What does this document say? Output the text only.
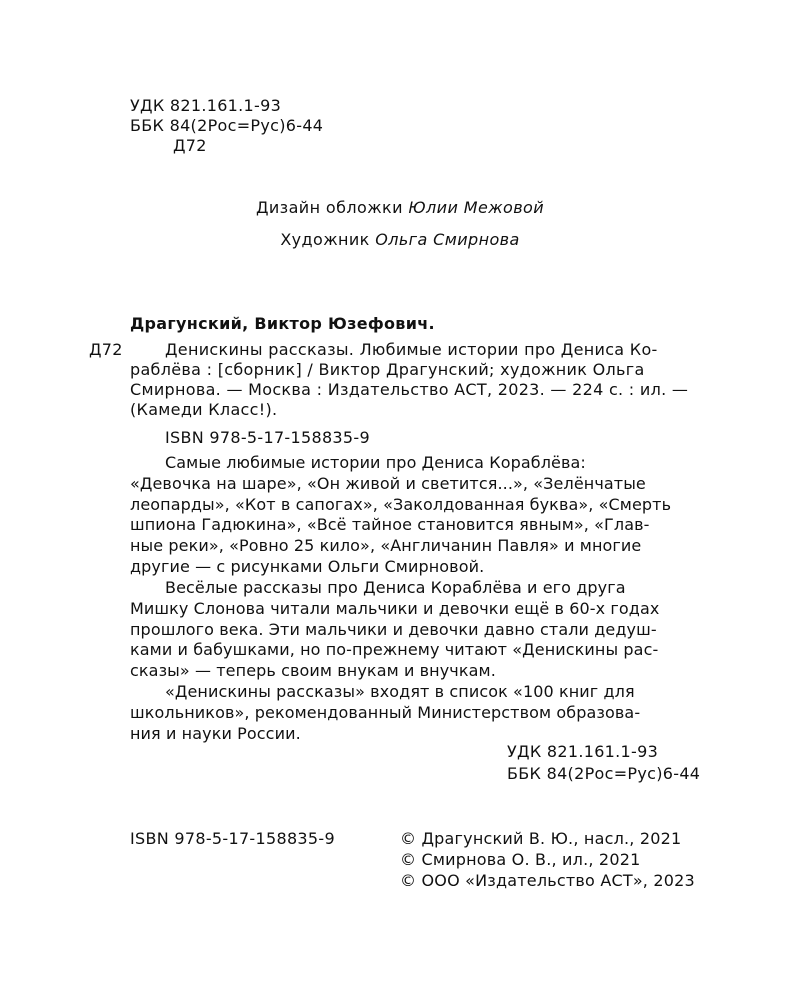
УДК 821.161.1-93
ББК 84(2Рос=Рус)6-44
Д72
Дизайн обложки Юлии Межовой
Художник Ольга Смирнова
Драгунский, Виктор Юзефович.
Д72	Денискины рассказы. Любимые истории про Дениса Ко-
раблёва : [сборник] / Виктор Драгунский; художник Ольга
Смирнова. — Москва : Издательство АСТ, 2023. — 224 с. : ил. —
(Камеди Класс!).
ISBN 978-5-17-158835-9
Самые любимые истории про Дениса Кораблёва:
«Девочка на шаре», «Он живой и светится...», «Зелёнчатые
леопарды», «Кот в сапогах», «Заколдованная буква», «Смерть
шпиона Гадюкина», «Всё тайное становится явным», «Глав-
ные реки», «Ровно 25 кило», «Англичанин Павля» и многие
другие — с рисунками Ольги Смирновой.
Весёлые рассказы про Дениса Кораблёва и его друга
Мишку Слонова читали мальчики и девочки ещё в 60-х годах
прошлого века. Эти мальчики и девочки давно стали дедуш-
ками и бабушками, но по-прежнему читают «Денискины рас-
сказы» — теперь своим внукам и внучкам.
«Денискины рассказы» входят в список «100 книг для
школьников», рекомендованный Министерством образова-
ния и науки России.
УДК 821.161.1-93
ББК 84(2Рос=Рус)6-44
ISBN 978-5-17-158835-9	© Драгунский В. Ю., насл., 2021
© Смирнова О. В., ил., 2021
© ООО «Издательство АСТ», 2023
